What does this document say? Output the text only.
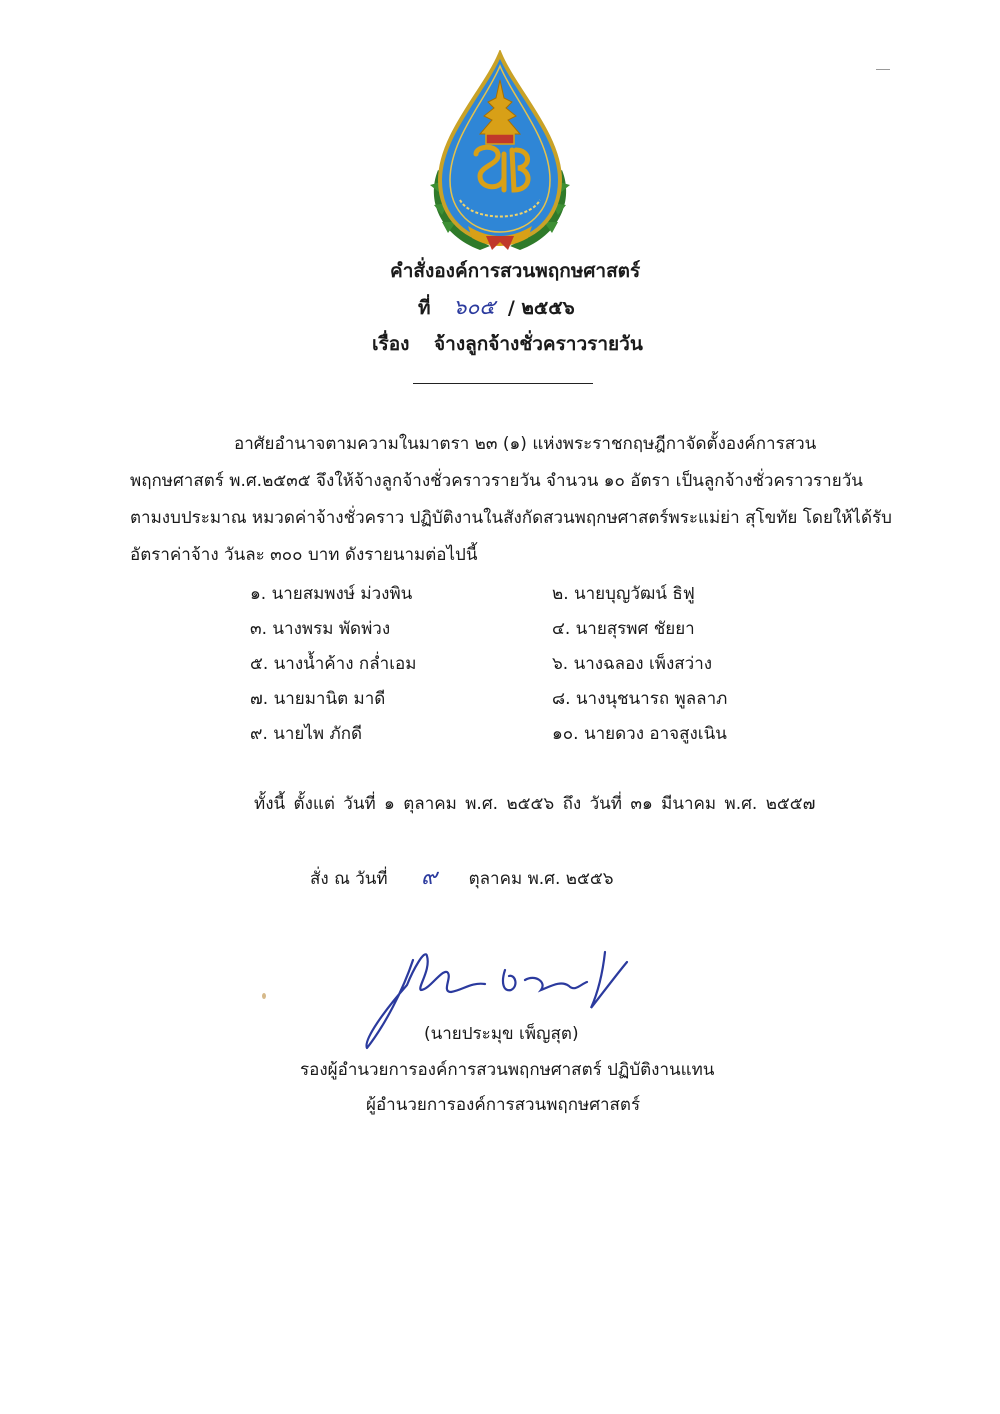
คำสั่งองค์การสวนพฤกษศาสตร์
ที่ ๖๐๕ / ๒๕๕๖
เรื่อง จ้างลูกจ้างชั่วคราวรายวัน
อาศัยอำนาจตามความในมาตรา ๒๓ (๑) แห่งพระราชกฤษฎีกาจัดตั้งองค์การสวน
พฤกษศาสตร์ พ.ศ.๒๕๓๕ จึงให้จ้างลูกจ้างชั่วคราวรายวัน จำนวน ๑๐ อัตรา เป็นลูกจ้างชั่วคราวรายวัน
ตามงบประมาณ หมวดค่าจ้างชั่วคราว ปฏิบัติงานในสังกัดสวนพฤกษศาสตร์พระแม่ย่า สุโขทัย โดยให้ได้รับ
อัตราค่าจ้าง วันละ ๓๐๐ บาท ดังรายนามต่อไปนี้
๑. นายสมพงษ์ ม่วงพิน	๒. นายบุญวัฒน์ ธิฟู
๓. นางพรม พัดพ่วง	๔. นายสุรพศ ชัยยา
๕. นางน้ำค้าง กล่ำเอม	๖. นางฉลอง เพ็งสว่าง
๗. นายมานิต มาดี	๘. นางนุชนารถ พูลลาภ
๙. นายไพ ภักดี	๑๐. นายดวง อาจสูงเนิน
ทั้งนี้ ตั้งแต่ วันที่ ๑ ตุลาคม พ.ศ. ๒๕๕๖ ถึง วันที่ ๓๑ มีนาคม พ.ศ. ๒๕๕๗
สั่ง ณ วันที่ ๙ ตุลาคม พ.ศ. ๒๕๕๖
(นายประมุข เพ็ญสุต)
รองผู้อำนวยการองค์การสวนพฤกษศาสตร์ ปฏิบัติงานแทน
ผู้อำนวยการองค์การสวนพฤกษศาสตร์
